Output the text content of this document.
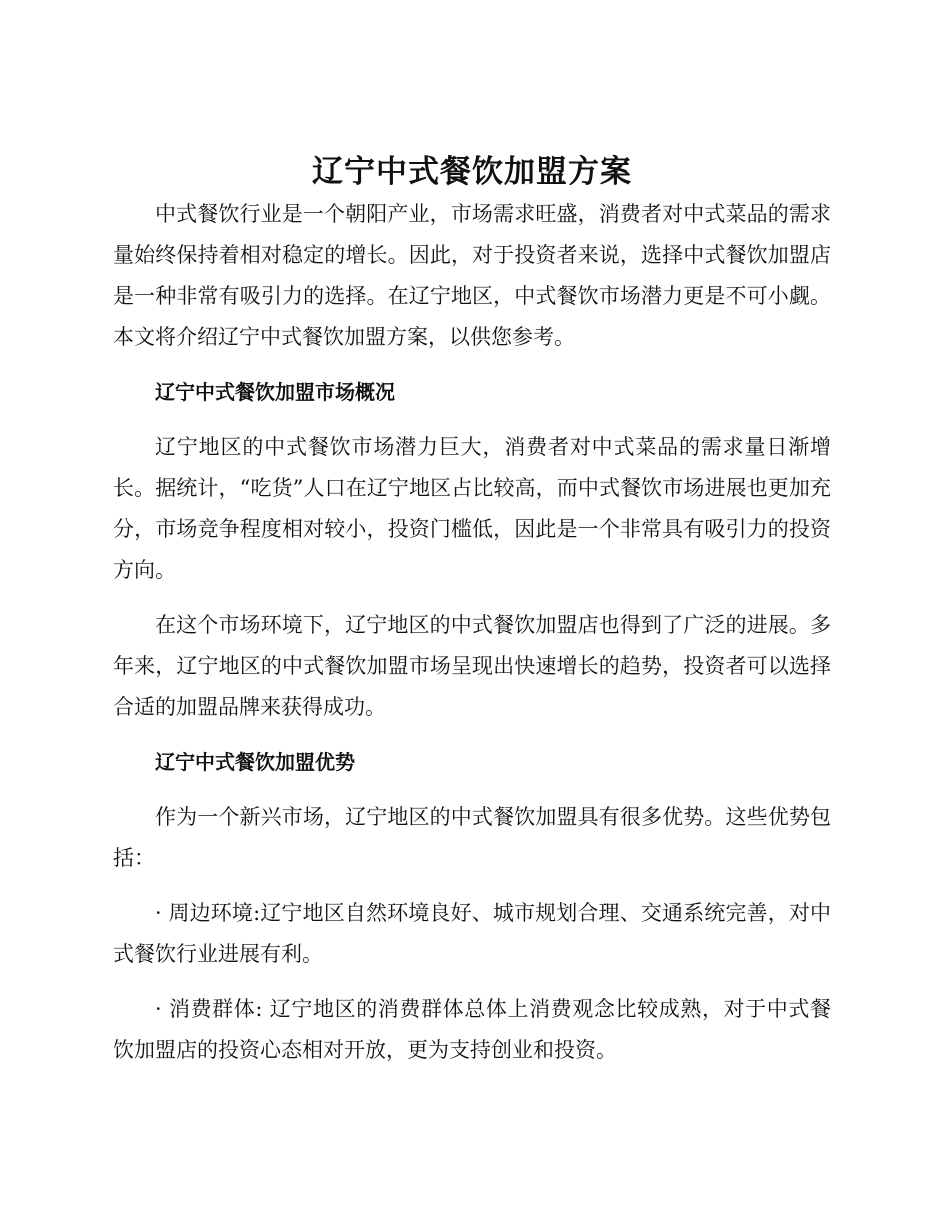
辽宁中式餐饮加盟方案

中式餐饮行业是一个朝阳产业，市场需求旺盛，消费者对中式菜品的需求量始终保持着相对稳定的增长。因此，对于投资者来说，选择中式餐饮加盟店是一种非常有吸引力的选择。在辽宁地区，中式餐饮市场潜力更是不可小觑。本文将介绍辽宁中式餐饮加盟方案，以供您参考。

辽宁中式餐饮加盟市场概况

辽宁地区的中式餐饮市场潜力巨大，消费者对中式菜品的需求量日渐增长。据统计，“吃货”人口在辽宁地区占比较高，而中式餐饮市场进展也更加充分，市场竞争程度相对较小，投资门槛低，因此是一个非常具有吸引力的投资方向。

在这个市场环境下，辽宁地区的中式餐饮加盟店也得到了广泛的进展。多年来，辽宁地区的中式餐饮加盟市场呈现出快速增长的趋势，投资者可以选择合适的加盟品牌来获得成功。

辽宁中式餐饮加盟优势

作为一个新兴市场，辽宁地区的中式餐饮加盟具有很多优势。这些优势包括：

· 周边环境:辽宁地区自然环境良好、城市规划合理、交通系统完善，对中式餐饮行业进展有利。

· 消费群体: 辽宁地区的消费群体总体上消费观念比较成熟，对于中式餐饮加盟店的投资心态相对开放，更为支持创业和投资。
